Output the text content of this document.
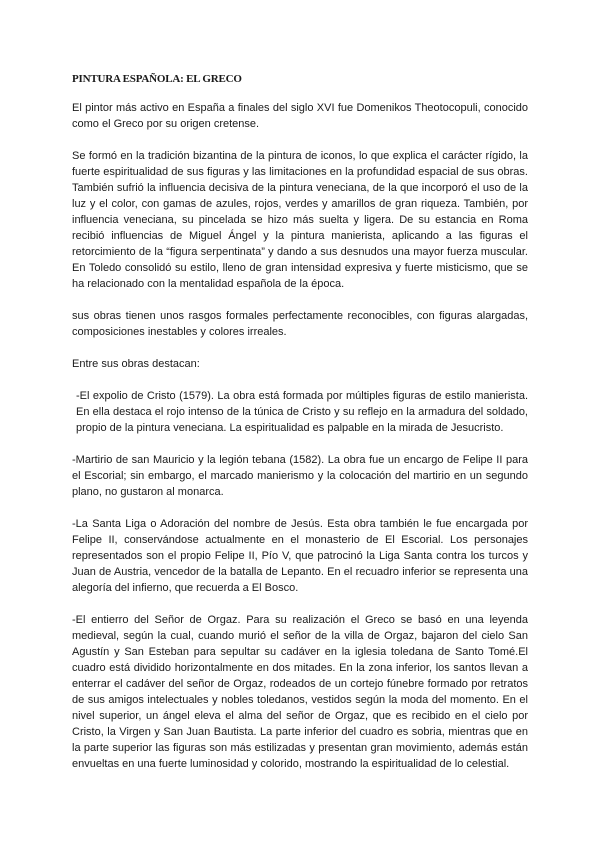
PINTURA ESPAÑOLA: EL GRECO

El pintor más activo en España a finales del siglo XVI fue Domenikos Theotocopuli, conocido como el Greco por su origen cretense.

Se formó en la tradición bizantina de la pintura de iconos, lo que explica el carácter rígido, la fuerte espiritualidad de sus figuras y las limitaciones en la profundidad espacial de sus obras. También sufrió la influencia decisiva de la pintura veneciana, de la que incorporó el uso de la luz y el color, con gamas de azules, rojos, verdes y amarillos de gran riqueza. También, por influencia veneciana, su pincelada se hizo más suelta y ligera. De su estancia en Roma recibió influencias de Miguel Ángel y la pintura manierista, aplicando a las figuras el retorcimiento de la “figura serpentinata” y dando a sus desnudos una mayor fuerza muscular. En Toledo consolidó su estilo, lleno de gran intensidad expresiva y fuerte misticismo, que se ha relacionado con la mentalidad española de la época.

sus obras tienen unos rasgos formales perfectamente reconocibles, con figuras alargadas, composiciones inestables y colores irreales.

Entre sus obras destacan:

-El expolio de Cristo (1579). La obra está formada por múltiples figuras de estilo manierista. En ella destaca el rojo intenso de la túnica de Cristo y su reflejo en la armadura del soldado, propio de la pintura veneciana. La espiritualidad es palpable en la mirada de Jesucristo.

-Martirio de san Mauricio y la legión tebana (1582). La obra fue un encargo de Felipe II para el Escorial; sin embargo, el marcado manierismo y la colocación del martirio en un segundo plano, no gustaron al monarca.

-La Santa Liga o Adoración del nombre de Jesús. Esta obra también le fue encargada por Felipe II, conservándose actualmente en el monasterio de El Escorial. Los personajes representados son el propio Felipe II, Pío V, que patrocinó la Liga Santa contra los turcos y Juan de Austria, vencedor de la batalla de Lepanto. En el recuadro inferior se representa una alegoría del infierno, que recuerda a El Bosco.

-El entierro del Señor de Orgaz. Para su realización el Greco se basó en una leyenda medieval, según la cual, cuando murió el señor de la villa de Orgaz, bajaron del cielo San Agustín y San Esteban para sepultar su cadáver en la iglesia toledana de Santo Tomé.El cuadro está dividido horizontalmente en dos mitades. En la zona inferior, los santos llevan a enterrar el cadáver del señor de Orgaz, rodeados de un cortejo fúnebre formado por retratos de sus amigos intelectuales y nobles toledanos, vestidos según la moda del momento. En el nivel superior, un ángel eleva el alma del señor de Orgaz, que es recibido en el cielo por Cristo, la Virgen y San Juan Bautista. La parte inferior del cuadro es sobria, mientras que en la parte superior las figuras son más estilizadas y presentan gran movimiento, además están envueltas en una fuerte luminosidad y colorido, mostrando la espiritualidad de lo celestial.
